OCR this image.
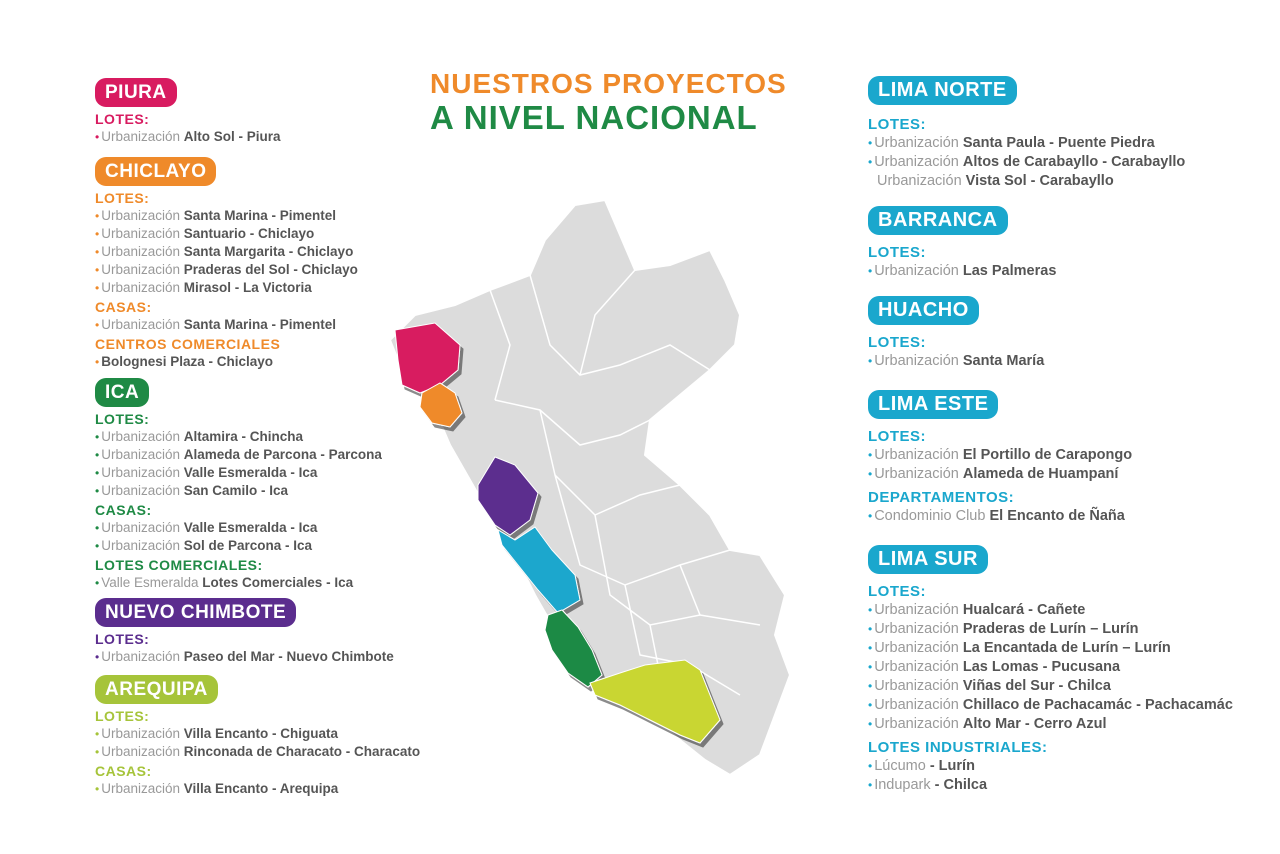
NUESTROS PROYECTOS
A NIVEL NACIONAL
PIURA
LOTES:
• Urbanización Alto Sol - Piura
CHICLAYO
LOTES:
• Urbanización Santa Marina - Pimentel
• Urbanización Santuario - Chiclayo
• Urbanización Santa Margarita - Chiclayo
• Urbanización Praderas del Sol - Chiclayo
• Urbanización Mirasol - La Victoria
CASAS:
• Urbanización Santa Marina - Pimentel
CENTROS COMERCIALES
• Bolognesi Plaza - Chiclayo
ICA
LOTES:
• Urbanización Altamira - Chincha
• Urbanización Alameda de Parcona - Parcona
• Urbanización Valle Esmeralda - Ica
• Urbanización San Camilo - Ica
CASAS:
• Urbanización Valle Esmeralda - Ica
• Urbanización Sol de Parcona - Ica
LOTES COMERCIALES:
• Valle Esmeralda Lotes Comerciales - Ica
NUEVO CHIMBOTE
LOTES:
• Urbanización Paseo del Mar - Nuevo Chimbote
AREQUIPA
LOTES:
• Urbanización Villa Encanto - Chiguata
• Urbanización Rinconada de Characato - Characato
CASAS:
• Urbanización Villa Encanto - Arequipa
LIMA NORTE
LOTES:
• Urbanización Santa Paula - Puente Piedra
• Urbanización Altos de Carabayllo - Carabayllo
Urbanización Vista Sol - Carabayllo
BARRANCA
LOTES:
• Urbanización Las Palmeras
HUACHO
LOTES:
• Urbanización Santa María
LIMA ESTE
LOTES:
• Urbanización El Portillo de Carapongo
• Urbanización Alameda de Huampaní
DEPARTAMENTOS:
• Condominio Club El Encanto de Ñaña
LIMA SUR
LOTES:
• Urbanización Hualcará - Cañete
• Urbanización Praderas de Lurín – Lurín
• Urbanización La Encantada de Lurín – Lurín
• Urbanización Las Lomas - Pucusana
• Urbanización Viñas del Sur - Chilca
• Urbanización Chillaco de Pachacamác - Pachacamác
• Urbanización Alto Mar - Cerro Azul
LOTES INDUSTRIALES:
• Lúcumo - Lurín
• Indupark - Chilca
